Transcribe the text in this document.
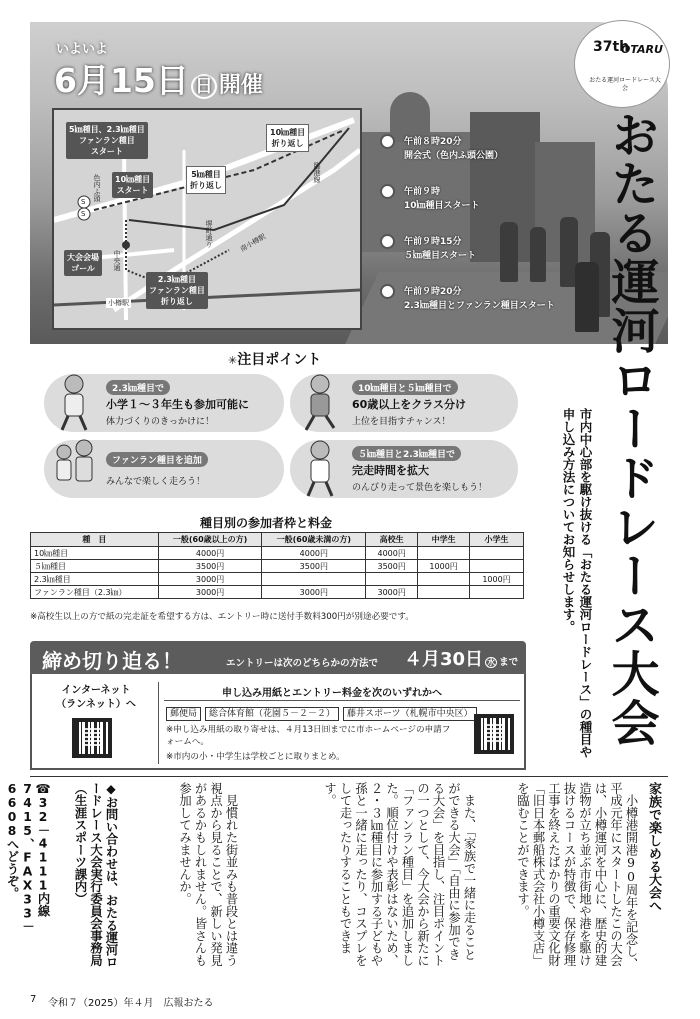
いよいよ
6月15日 日 開催
37th
OTARU
おたる運河ロードレース大会
おたる運河ロードレース大会
市内中心部を駆け抜ける「おたる運河ロードレース」の種目や申し込み方法についてお知らせします。
5㎞種目、2.3㎞種目
ファンラン種目
スタート
10㎞種目
スタート
5㎞種目
折り返し
10㎞種目
折り返し
大会会場
ゴール
2.3㎞種目
ファンラン種目
折り返し
色内ふ頭
S
S
小樽駅
中央通
南小樽駅
臨港線
堺町通り
午前８時20分
開会式（色内ふ頭公園）
午前９時
10㎞種目スタート
午前９時15分
５㎞種目スタート
午前９時20分
2.3㎞種目とファンラン種目スタート
✳注目ポイント
2.3㎞種目で
小学１〜３年生も参加可能に
体力づくりのきっかけに！
10㎞種目と５㎞種目で
60歳以上をクラス分け
上位を目指すチャンス！
ファンラン種目を追加
みんなで楽しく走ろう！
５㎞種目と2.3㎞種目で
完走時間を拡大
のんびり走って景色を楽しもう！
種目別の参加者枠と料金
種　目	一般(60歳以上の方)	一般(60歳未満の方)	高校生	中学生	小学生
10㎞種目	4000円	4000円	4000円		
５㎞種目	3500円	3500円	3500円	1000円	
2.3㎞種目	3000円				1000円
ファンラン種目（2.3㎞）	3000円	3000円	3000円		
※高校生以上の方で紙の完走証を希望する方は、エントリー時に送付手数料300円が別途必要です。
締め切り迫る！	エントリーは次のどちらかの方法で ４月30日 水 まで
インターネット
（ランネット）へ
申し込み用紙とエントリー料金を次のいずれかへ
郵便局 総合体育館（花園５－２－２） 藤井スポーツ（札幌市中央区）
※申し込み用紙の取り寄せは、４月13日㈰までに市ホームページの申請フォームへ。
※市内の小・中学生は学校ごとに取りまとめ。
家族で楽しめる大会へ
　小樽港開港90周年を記念し、平成元年にスタートしたこの大会は、小樽運河を中心に、歴史的建造物が立ち並ぶ市街地や港を駆け抜けるコースが特徴で、保存修理工事を終えたばかりの重要文化財「旧日本郵船株式会社小樽支店」を臨むことができます。
　また、「家族で一緒に走ることができる大会」「自由に参加できる大会」を目指し、注目ポイントの一つとして、今大会から新たに「ファンラン種目」を追加しました。順位付けや表彰はないため、２・３㎞種目に参加する子どもや孫と一緒に走ったり、コスプレをして走ったりすることもできます。
　見慣れた街並みも普段とは違う視点から見ることで、新しい発見があるかもしれません。皆さんも参加してみませんか。
◆お問い合わせは、おたる運河ロードレース大会実行委員会事務局（生涯スポーツ課内）
☎32－4111内線7415、FAX33－6608へどうぞ。
7 令和７（2025）年４月　広報おたる
